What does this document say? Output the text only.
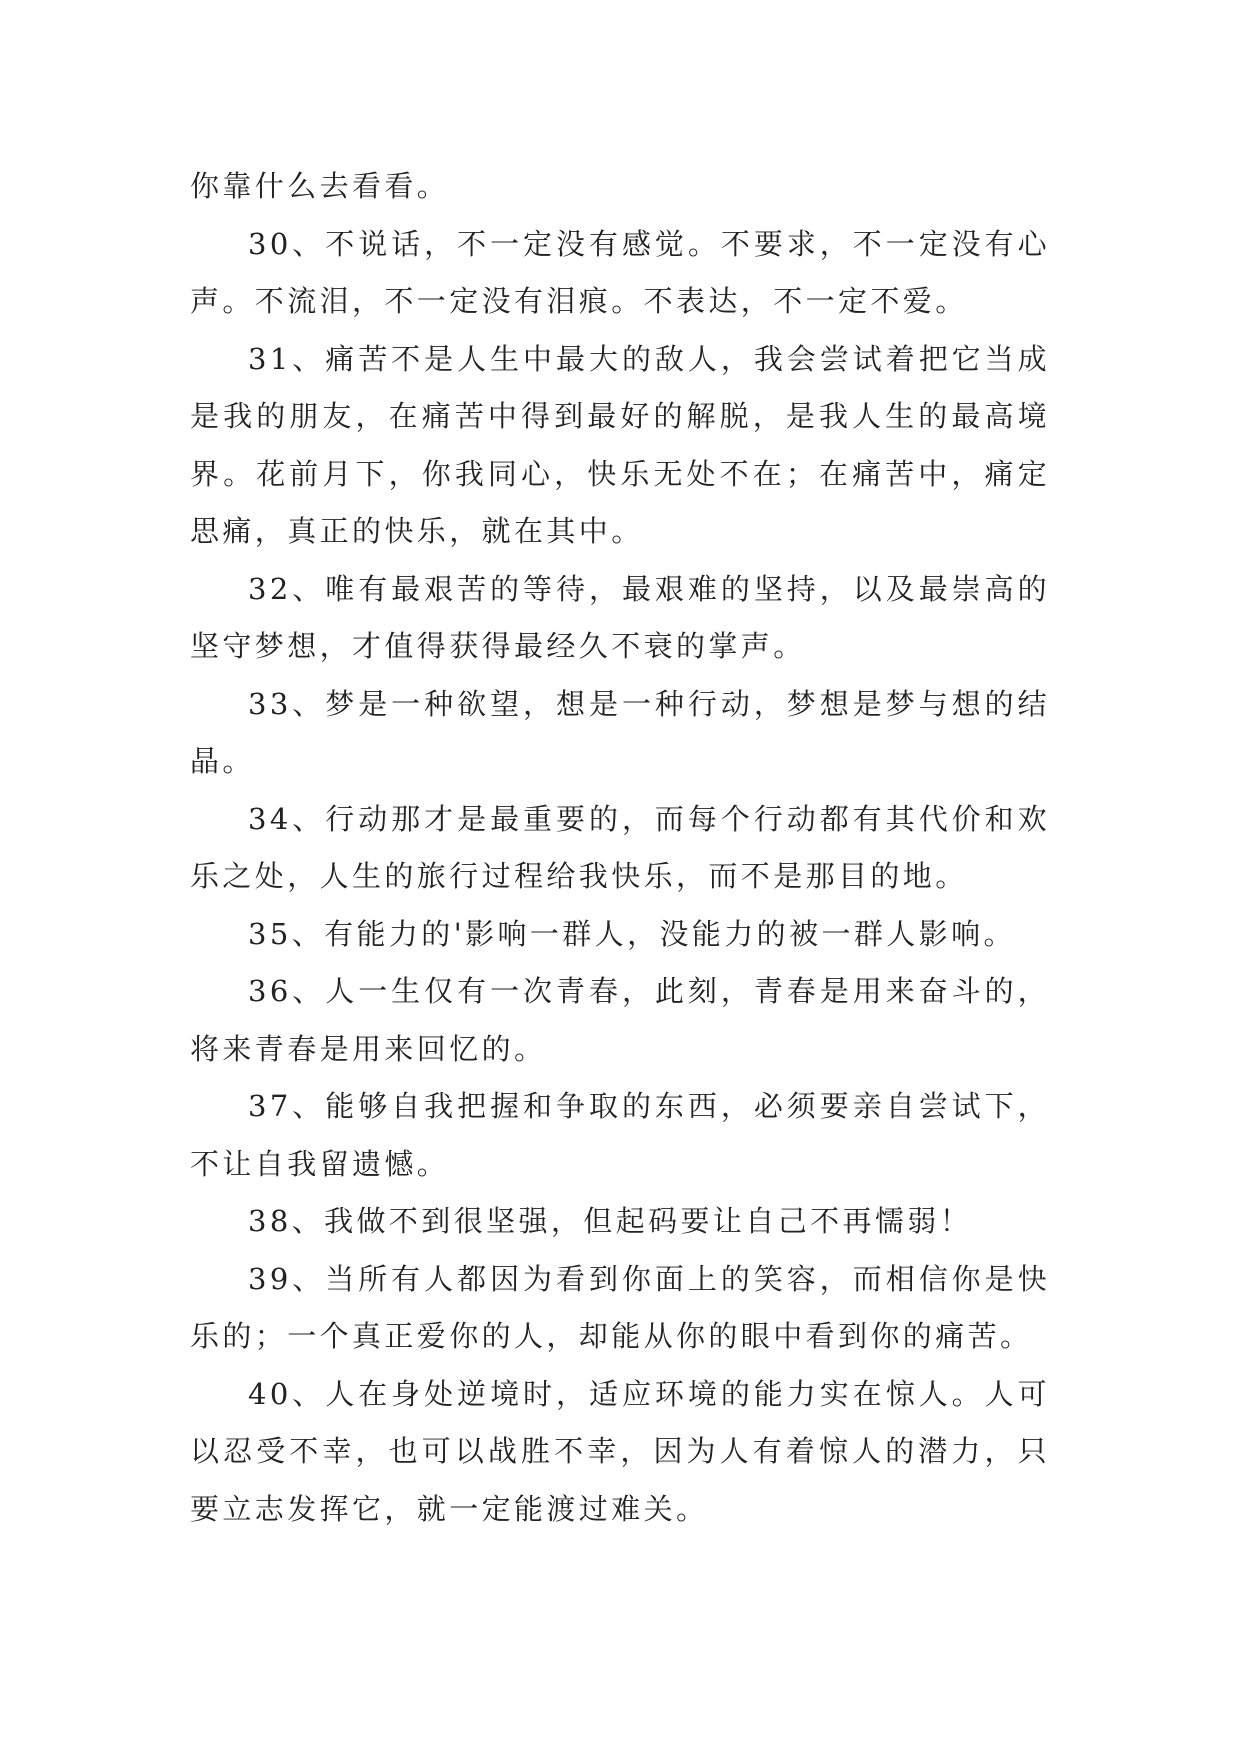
你靠什么去看看。

30、不说话，不一定没有感觉。不要求，不一定没有心声。不流泪，不一定没有泪痕。不表达，不一定不爱。

31、痛苦不是人生中最大的敌人，我会尝试着把它当成是我的朋友，在痛苦中得到最好的解脱，是我人生的最高境界。花前月下，你我同心，快乐无处不在；在痛苦中，痛定思痛，真正的快乐，就在其中。

32、唯有最艰苦的等待，最艰难的坚持，以及最崇高的坚守梦想，才值得获得最经久不衰的掌声。

33、梦是一种欲望，想是一种行动，梦想是梦与想的结晶。

34、行动那才是最重要的，而每个行动都有其代价和欢乐之处，人生的旅行过程给我快乐，而不是那目的地。

35、有能力的'影响一群人，没能力的被一群人影响。

36、人一生仅有一次青春，此刻，青春是用来奋斗的，将来青春是用来回忆的。

37、能够自我把握和争取的东西，必须要亲自尝试下，不让自我留遗憾。

38、我做不到很坚强，但起码要让自己不再懦弱！

39、当所有人都因为看到你面上的笑容，而相信你是快乐的；一个真正爱你的人，却能从你的眼中看到你的痛苦。

40、人在身处逆境时，适应环境的能力实在惊人。人可以忍受不幸，也可以战胜不幸，因为人有着惊人的潜力，只要立志发挥它，就一定能渡过难关。
